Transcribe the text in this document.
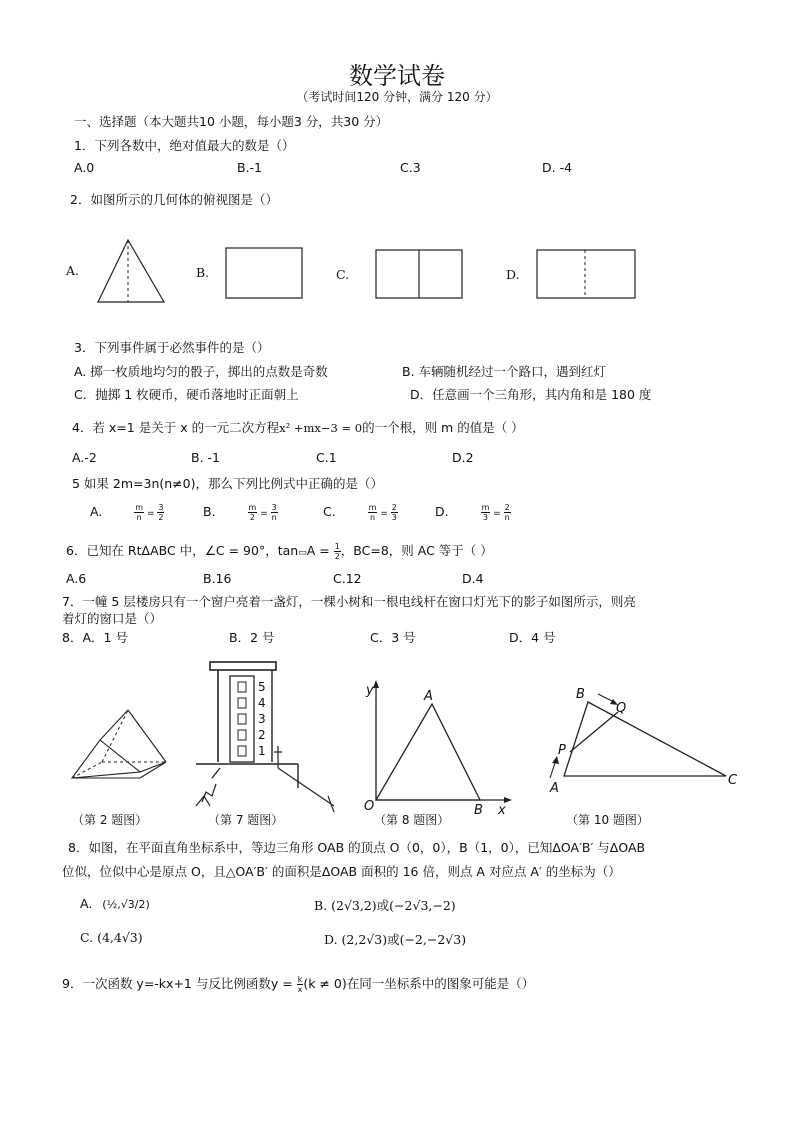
数学试卷
（考试时间120 分钟，满分 120 分）
一、选择题（本大题共10 小题，每小题3 分，共30 分）
1．下列各数中，绝对值最大的数是（）
A.0	B.-1	C.3	D. -4
2．如图所示的几何体的俯视图是（）
A.	B.	C.	D.
3．下列事件属于必然事件的是（）
A. 掷一枚质地均匀的骰子，掷出的点数是奇数	B. 车辆随机经过一个路口，遇到红灯
C．抛掷 1 枚硬币，硬币落地时正面朝上	D．任意画一个三角形，其内角和是 180 度
4．若 x=1 是关于 x 的一元二次方程x² +mx−3 = 0的一个根，则 m 的值是（ ）
A.-2	B. -1	C.1	D.2
5 如果 2m=3n(n≠0)，那么下列比例式中正确的是（）
A.	$\frac{m}{n} = \frac{3}{2}$	B.	$\frac{m}{2} = \frac{3}{n}$	C.	$\frac{m}{n} = \frac{2}{3}$	D.	$\frac{m}{3} = \frac{2}{n}$
6．已知在 RtΔABC 中，∠C = 90°，tan▭A = $\frac{1}{2}$ ，BC=8，则 AC 等于（ ）
A.6	B.16	C.12	D.4
7．一幢 5 层楼房只有一个窗户亮着一盏灯，一棵小树和一根电线杆在窗口灯光下的影子如图所示，则亮
着灯的窗口是（）
8．A．1 号	B．2 号	C．3 号	D．4 号
（第 2 题图）
5
4
3
2
1
（第 7 题图）
y
x
O
A
B
（第 8 题图）
B
Q
P
A
C
（第 10 题图）
8．如图，在平面直角坐标系中，等边三角形 OAB 的顶点 O（0，0），B（1，0），已知ΔOA′B′ 与ΔOAB
位似，位似中心是原点 O，且△OA′B′ 的面积是ΔOAB 面积的 16 倍，则点 A 对应点 A′ 的坐标为（）
A. (½,√3/2)	B. (2√3,2)或(−2√3,−2)
C. (4,4√3)	D. (2,2√3)或(−2,−2√3)
9．一次函数 y=-kx+1 与反比例函数$y = \frac{k}{x} (k \ne 0)$在同一坐标系中的图象可能是（）
